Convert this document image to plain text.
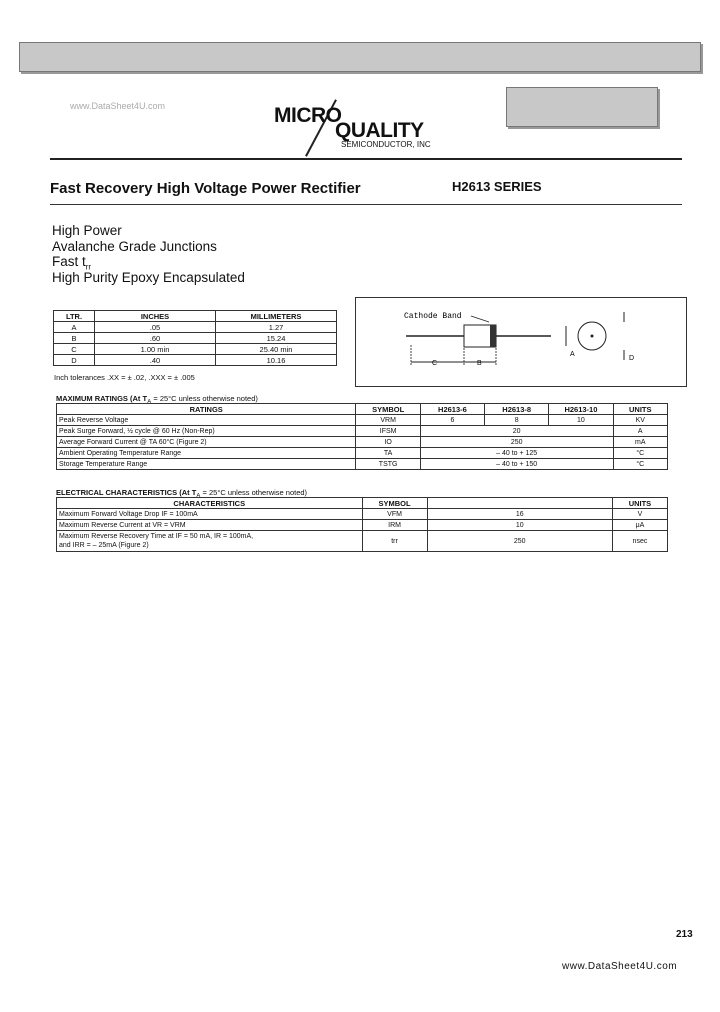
www.DataSheet4U.com	MICRO
QUALITY
SEMICONDUCTOR, INC
Fast Recovery High Voltage Power Rectifier	H2613 SERIES
High Power
Avalanche Grade Junctions
Fast $t_{rr}$
High Purity Epoxy Encapsulated
LTR.	INCHES	MILLIMETERS
A	.05	1.27
B	.60	15.24
C	1.00 min	25.40 min
D	.40	10.16
Inch tolerances .XX = ± .02, .XXX = ± .005
Cathode Band
C	B
A
D
MAXIMUM RATINGS (At $T_A = 25^\circ C$ unless otherwise noted)
RATINGS	SYMBOL	H2613-6	H2613-8	H2613-10	UNITS
Peak Reverse Voltage	VRM	6	8	10	KV
Peak Surge Forward, ½ cycle @ 60 Hz (Non-Rep)	IFSM	20			A
Average Forward Current @ TA 60°C (Figure 2)	IO	250			mA
Ambient Operating Temperature Range	TA	– 40 to + 125			°C
Storage Temperature Range	TSTG	– 40 to + 150			°C
ELECTRICAL CHARACTERISTICS (At $T_A = 25^\circ C$ unless otherwise noted)
CHARACTERISTICS	SYMBOL		UNITS
Maximum Forward Voltage Drop IF = 100mA	VFM	16	V
Maximum Reverse Current at VR = VRM	IRM	10	μA
Maximum Reverse Recovery Time at IF = 50 mA, IR = 100mA,
and IRR = – 25mA (Figure 2)	trr	250	nsec
213
www.DataSheet4U.com
